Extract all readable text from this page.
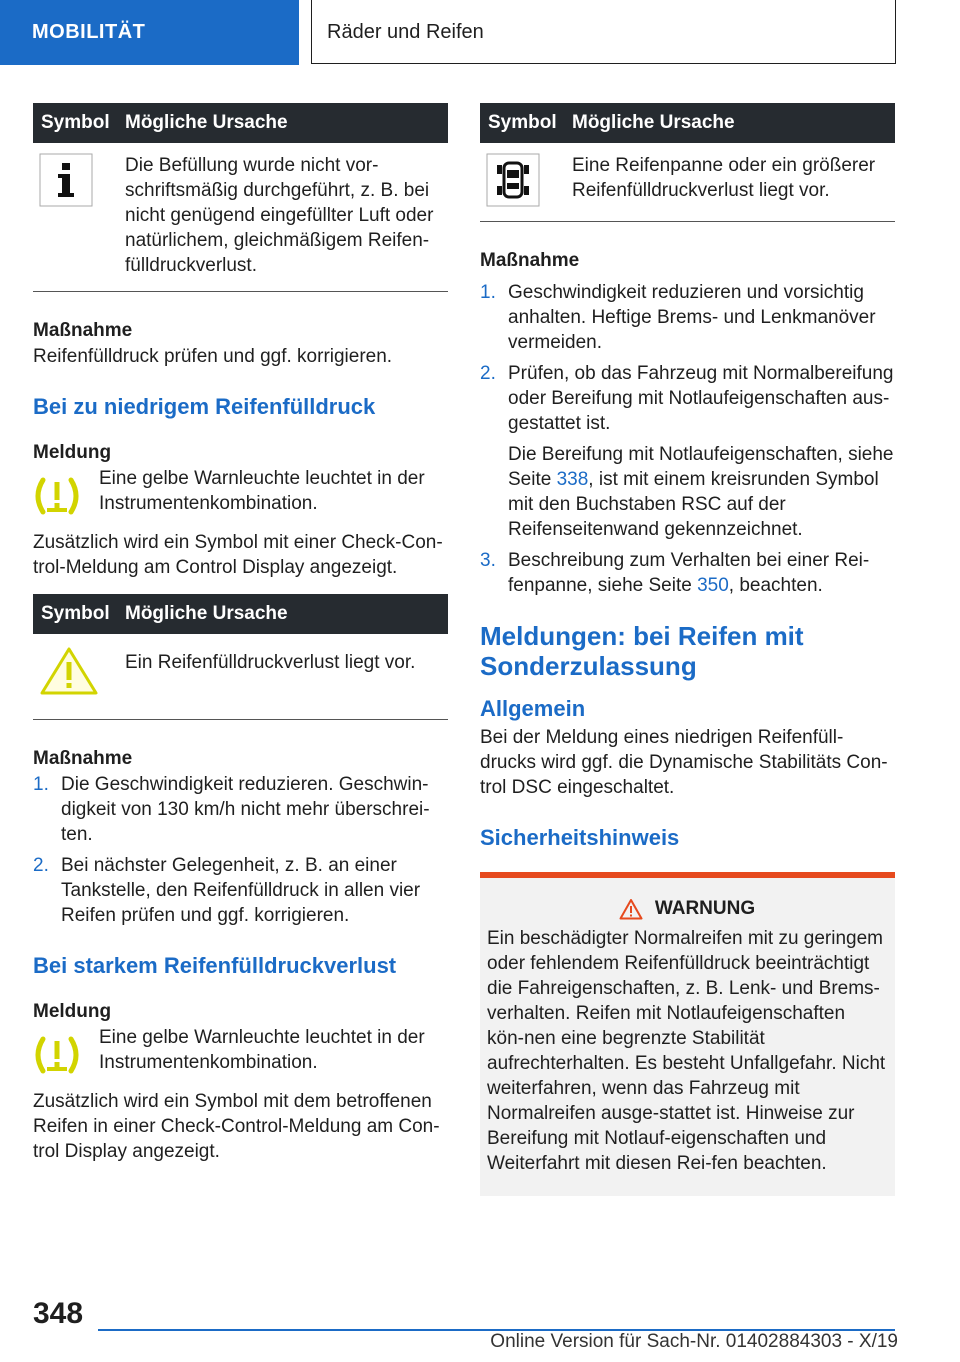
MOBILITÄT	Räder und Reifen
Symbol	Mögliche Ursache

	Die Befüllung wurde nicht vor-schriftsmäßig durchgeführt, z. B. bei nicht genügend eingefüllter Luft oder natürlichem, gleichmäßigem Reifen-fülldruckverlust.

Maßnahme

Reifenfülldruck prüfen und ggf. korrigieren.

Bei zu niedrigem Reifenfülldruck

Meldung

Eine gelbe Warnleuchte leuchtet in der Instrumentenkombination.

Zusätzlich wird ein Symbol mit einer Check-Con-trol-Meldung am Control Display angezeigt.

Symbol	Mögliche Ursache
	Ein Reifenfülldruckverlust liegt vor.

Maßnahme

1. Die Geschwindigkeit reduzieren. Geschwin-digkeit von 130 km/h nicht mehr überschrei-ten.
2. Bei nächster Gelegenheit, z. B. an einer Tankstelle, den Reifenfülldruck in allen vier Reifen prüfen und ggf. korrigieren.

Bei starkem Reifenfülldruckverlust

Meldung

Eine gelbe Warnleuchte leuchtet in der Instrumentenkombination.

Zusätzlich wird ein Symbol mit dem betroffenen Reifen in einer Check-Control-Meldung am Con-trol Display angezeigt.

Symbol	Mögliche Ursache

	Eine Reifenpanne oder ein größerer Reifenfülldruckverlust liegt vor.

Maßnahme

1. Geschwindigkeit reduzieren und vorsichtig anhalten. Heftige Brems- und Lenkmanöver vermeiden.
2. Prüfen, ob das Fahrzeug mit Normalbereifung oder Bereifung mit Notlaufeigenschaften aus-gestattet ist.
Die Bereifung mit Notlaufeigenschaften, siehe Seite 338, ist mit einem kreisrunden Symbol mit den Buchstaben RSC auf der Reifenseitenwand gekennzeichnet.
3. Beschreibung zum Verhalten bei einer Rei-fenpanne, siehe Seite 350, beachten.

Meldungen: bei Reifen mit Sonderzulassung

Allgemein

Bei der Meldung eines niedrigen Reifenfüll-drucks wird ggf. die Dynamische Stabilitäts Con-trol DSC eingeschaltet.

Sicherheitshinweis

WARNUNG

Ein beschädigter Normalreifen mit zu geringem oder fehlendem Reifenfülldruck beeinträchtigt die Fahreigenschaften, z. B. Lenk- und Brems-verhalten. Reifen mit Notlaufeigenschaften kön-nen eine begrenzte Stabilität aufrechterhalten. Es besteht Unfallgefahr. Nicht weiterfahren, wenn das Fahrzeug mit Normalreifen ausge-stattet ist. Hinweise zur Bereifung mit Notlauf-eigenschaften und Weiterfahrt mit diesen Rei-fen beachten.

348
Online Version für Sach-Nr. 01402884303 - X/19
